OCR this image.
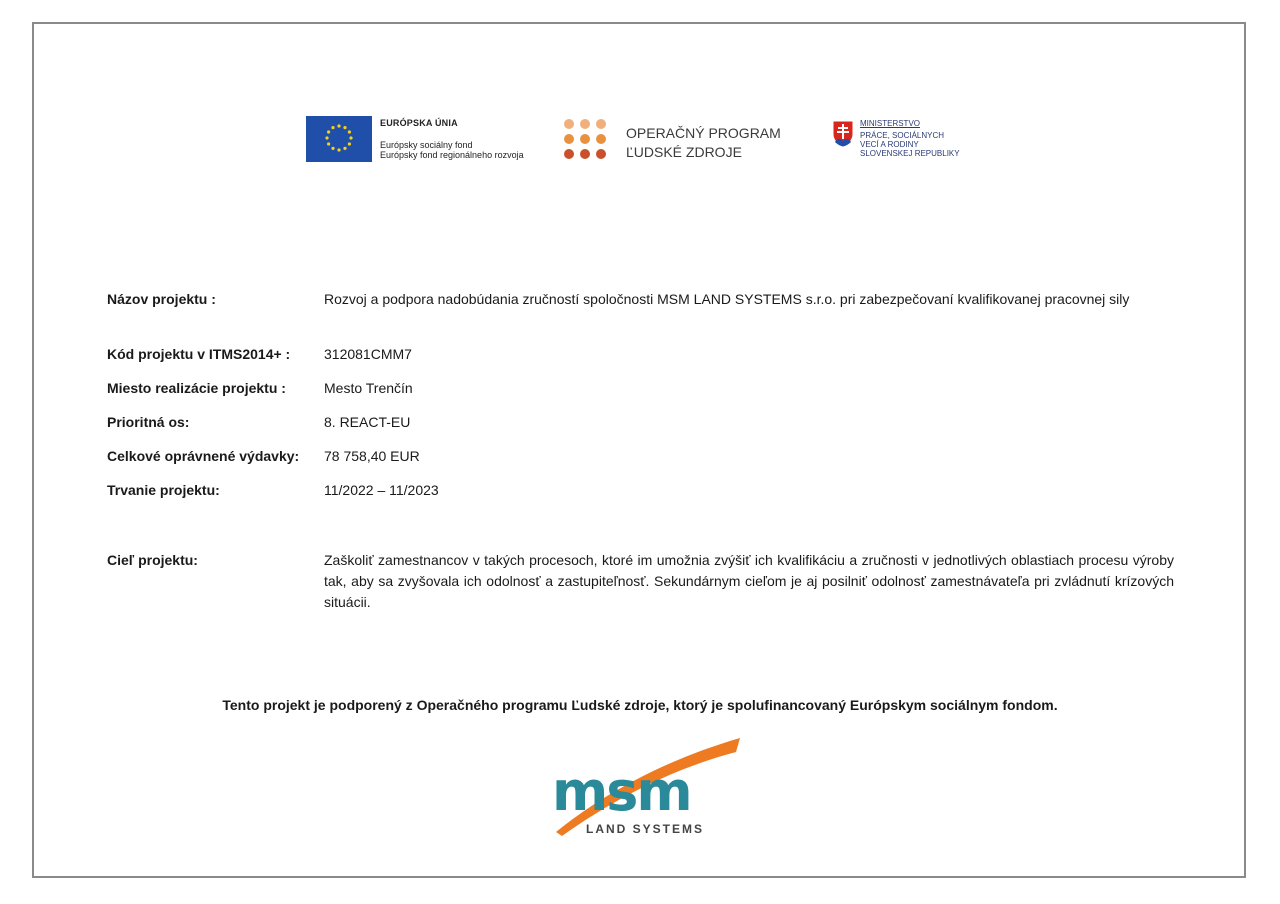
EURÓPSKA ÚNIA
Európsky sociálny fond
Európsky fond regionálneho rozvoja
OPERAČNÝ PROGRAM
ĽUDSKÉ ZDROJE
MINISTERSTVO
PRÁCE, SOCIÁLNYCH
VECÍ A RODINY
SLOVENSKEJ REPUBLIKY
Názov projektu :	Rozvoj a podpora nadobúdania zručností spoločnosti MSM LAND SYSTEMS s.r.o. pri zabezpečovaní kvalifikovanej pracovnej sily
Kód projektu v ITMS2014+ : 312081CMM7
Miesto realizácie projektu :	Mesto Trenčín
Prioritná os:	8. REACT-EU
Celkové oprávnené výdavky: 78 758,40 EUR
Trvanie projektu:	11/2022 – 11/2023
Cieľ projektu:	Zaškoliť zamestnancov v takých procesoch, ktoré im umožnia zvýšiť ich kvalifikáciu a zručnosti v jednotlivých oblastiach procesu výroby tak, aby sa zvyšovala ich odolnosť a zastupiteľnosť. Sekundárnym cieľom je aj posilniť odolnosť zamestnávateľa pri zvládnutí krízových situácii.
Tento projekt je podporený z Operačného programu Ľudské zdroje, ktorý je spolufinancovaný Európskym sociálnym fondom.
msm
LAND SYSTEMS
